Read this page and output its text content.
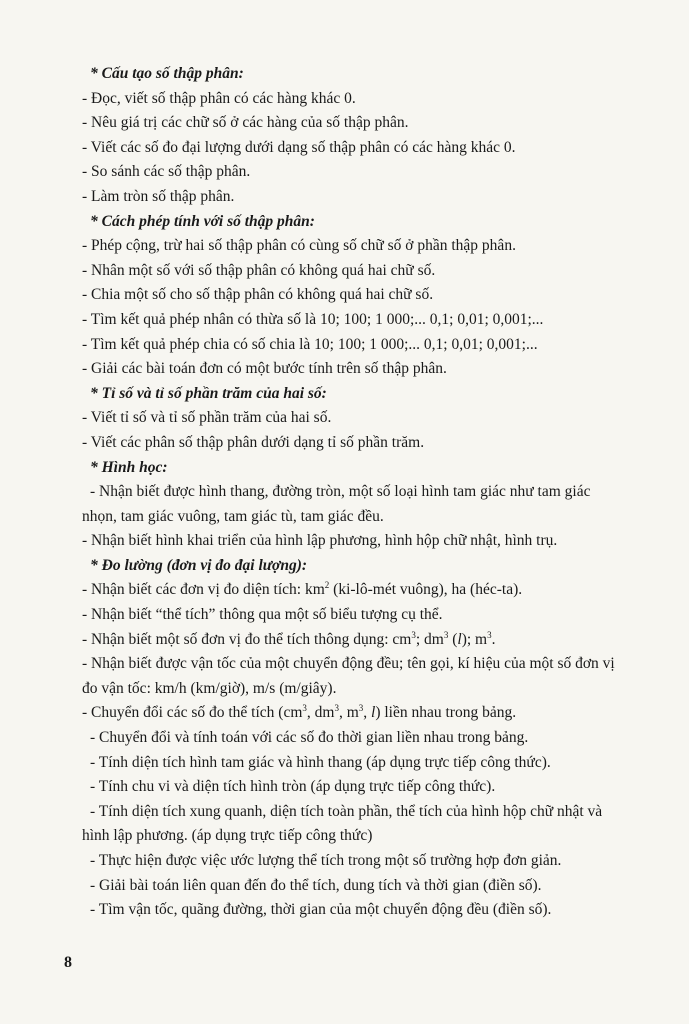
* Cấu tạo số thập phân:
- Đọc, viết số thập phân có các hàng khác 0.
- Nêu giá trị các chữ số ở các hàng của số thập phân.
- Viết các số đo đại lượng dưới dạng số thập phân có các hàng khác 0.
- So sánh các số thập phân.
- Làm tròn số thập phân.
* Cách phép tính với số thập phân:
- Phép cộng, trừ hai số thập phân có cùng số chữ số ở phần thập phân.
- Nhân một số với số thập phân có không quá hai chữ số.
- Chia một số cho số thập phân có không quá hai chữ số.
- Tìm kết quả phép nhân có thừa số là 10; 100; 1 000;... 0,1; 0,01; 0,001;...
- Tìm kết quả phép chia có số chia là 10; 100; 1 000;... 0,1; 0,01; 0,001;...
- Giải các bài toán đơn có một bước tính trên số thập phân.
* Tỉ số và tỉ số phần trăm của hai số:
- Viết tỉ số và tỉ số phần trăm của hai số.
- Viết các phân số thập phân dưới dạng tỉ số phần trăm.
* Hình học:
- Nhận biết được hình thang, đường tròn, một số loại hình tam giác như tam giác nhọn, tam giác vuông, tam giác tù, tam giác đều.
- Nhận biết hình khai triển của hình lập phương, hình hộp chữ nhật, hình trụ.
* Đo lường (đơn vị đo đại lượng):
- Nhận biết các đơn vị đo diện tích: $km^2$ (ki-lô-mét vuông), ha (héc-ta).
- Nhận biết “thể tích” thông qua một số biểu tượng cụ thể.
- Nhận biết một số đơn vị đo thể tích thông dụng: $cm^3$; $dm^3$ (l); $m^3$.
- Nhận biết được vận tốc của một chuyển động đều; tên gọi, kí hiệu của một số đơn vị đo vận tốc: km/h (km/giờ), m/s (m/giây).
- Chuyển đổi các số đo thể tích ($cm^3$, $dm^3$, $m^3$, l) liền nhau trong bảng.
- Chuyển đổi và tính toán với các số đo thời gian liền nhau trong bảng.
- Tính diện tích hình tam giác và hình thang (áp dụng trực tiếp công thức).
- Tính chu vi và diện tích hình tròn (áp dụng trực tiếp công thức).
- Tính diện tích xung quanh, diện tích toàn phần, thể tích của hình hộp chữ nhật và hình lập phương. (áp dụng trực tiếp công thức)
- Thực hiện được việc ước lượng thể tích trong một số trường hợp đơn giản.
- Giải bài toán liên quan đến đo thể tích, dung tích và thời gian (điền số).
- Tìm vận tốc, quãng đường, thời gian của một chuyển động đều (điền số).
8
